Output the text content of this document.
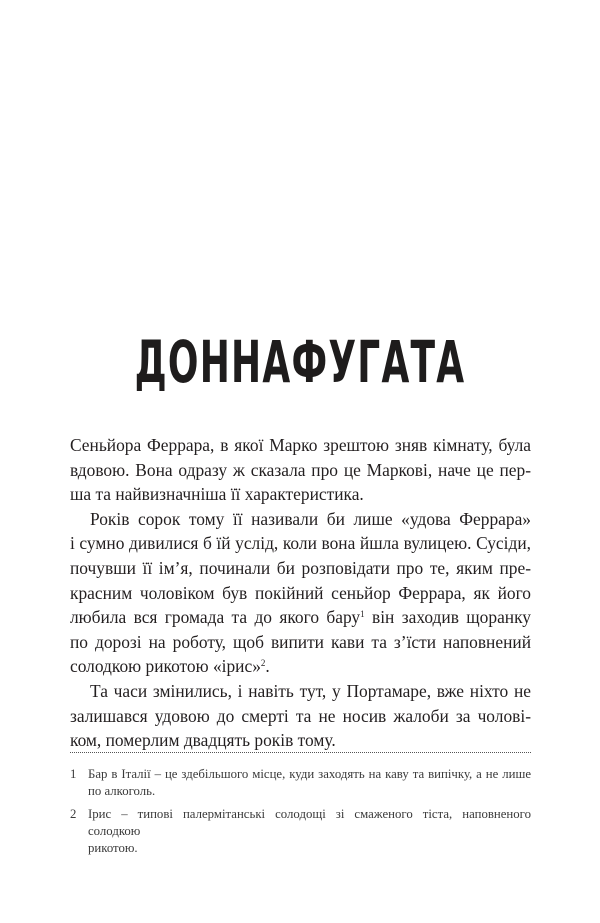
ДОННАФУГАТА

Сеньйора Феррара, в якої Марко зрештою зняв кімнату, була
вдовою. Вона одразу ж сказала про це Маркові, наче це пер-
ша та найвизначніша її характеристика.

Років сорок тому її називали би лише «удова Феррара»
і сумно дивилися б їй услід, коли вона йшла вулицею. Сусіди,
почувши її ім’я, починали би розповідати про те, яким пре-
красним чоловіком був покійний сеньйор Феррара, як його
любила вся громада та до якого бару$^1$ він заходив щоранку
по дорозі на роботу, щоб випити кави та з’їсти наповнений
солодкою рикотою «ірис»$^2$.

Та часи змінились, і навіть тут, у Портамаре, вже ніхто не
залишався удовою до смерті та не носив жалоби за чолові-
ком, померлим двадцять років тому.

1 Бар в Італії – це здебільшого місце, куди заходять на каву та випічку, а не лише
по алкоголь.
2 Ірис – типові палермітанські солодощі зі смаженого тіста, наповненого солодкою
рикотою.
